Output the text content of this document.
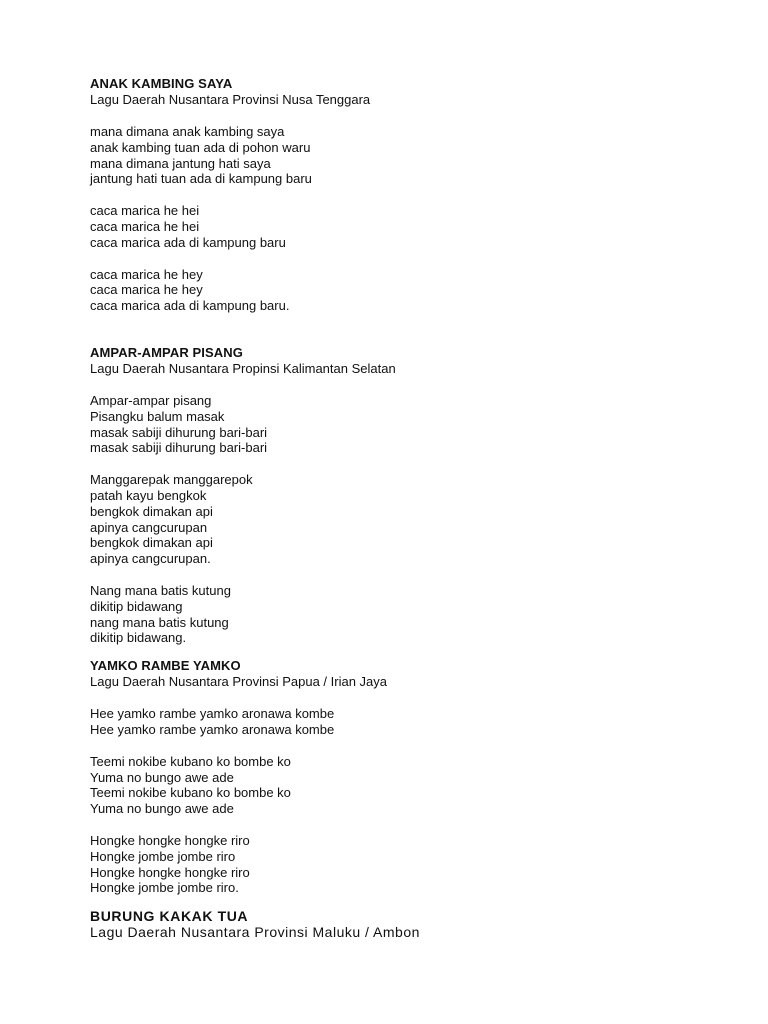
ANAK KAMBING SAYA
Lagu Daerah Nusantara Provinsi Nusa Tenggara
mana dimana anak kambing saya
anak kambing tuan ada di pohon waru
mana dimana jantung hati saya
jantung hati tuan ada di kampung baru
caca marica he hei
caca marica he hei
caca marica ada di kampung baru
caca marica he hey
caca marica he hey
caca marica ada di kampung baru.
AMPAR-AMPAR PISANG
Lagu Daerah Nusantara Propinsi Kalimantan Selatan
Ampar-ampar pisang
Pisangku balum masak
masak sabiji dihurung bari-bari
masak sabiji dihurung bari-bari
Manggarepak manggarepok
patah kayu bengkok
bengkok dimakan api
apinya cangcurupan
bengkok dimakan api
apinya cangcurupan.
Nang mana batis kutung
dikitip bidawang
nang mana batis kutung
dikitip bidawang.
YAMKO RAMBE YAMKO
Lagu Daerah Nusantara Provinsi Papua / Irian Jaya
Hee yamko rambe yamko aronawa kombe
Hee yamko rambe yamko aronawa kombe
Teemi nokibe kubano ko bombe ko
Yuma no bungo awe ade
Teemi nokibe kubano ko bombe ko
Yuma no bungo awe ade
Hongke hongke hongke riro
Hongke jombe jombe riro
Hongke hongke hongke riro
Hongke jombe jombe riro.
BURUNG KAKAK TUA
Lagu Daerah Nusantara Provinsi Maluku / Ambon
